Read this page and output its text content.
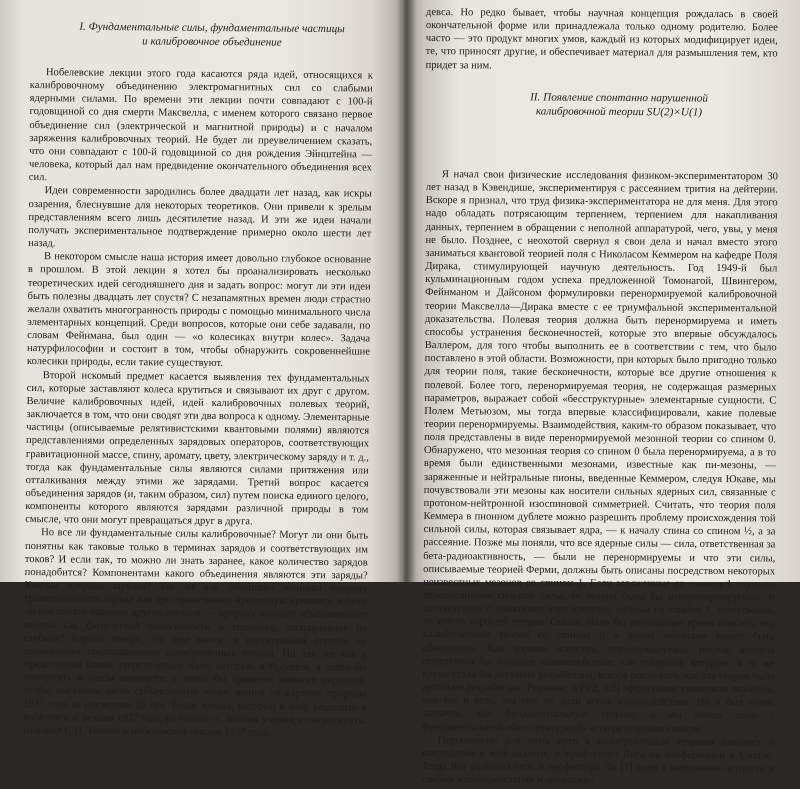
I. Фундаментальные силы, фундаментальные частицы
и калибровочное объединение

Нобелевские лекции этого года касаются ряда идей, относящихся к калибровочному объединению электромагнитных сил со слабыми ядерными силами. По времени эти лекции почти совпадают с 100-й годовщиной со дня смерти Максвелла, с именем которого связано первое объединение сил (электрической и магнитной природы) и с началом заряжения калибровочных теорий. Не будет ли преувеличением сказать, что они совпадают с 100-й годовщиной со дня рождения Эйнштейна — человека, который дал нам предвидение окончательного объединения всех сил.

Идеи современности зародились более двадцати лет назад, как искры озарения, блеснувшие для некоторых теоретиков. Они привели к зрелым представлениям всего лишь десятилетие назад. И эти же идеи начали получать экспериментальное подтверждение примерно около шести лет назад.

В некотором смысле наша история имеет довольно глубокое основание в прошлом. В этой лекции я хотел бы проанализировать несколько теоретических идей сегодняшнего дня и задать вопрос: могут ли эти идеи быть полезны двадцать лет спустя? С незапамятных времен люди страстно желали охватить многогранность природы с помощью минимального числа элементарных концепций. Среди вопросов, которые они себе задавали, по словам Фейнмана, был один — «о колесиках внутри колес». Задача натурфилософии и состоит в том, чтобы обнаружить сокровеннейшие колесики природы, если такие существуют.

Второй искомый предмет касается выявления тех фундаментальных сил, которые заставляют колеса крутиться и связывают их друг с другом. Величие калибровочных идей, идей калибровочных полевых теорий, заключается в том, что они сводят эти два вопроса к одному. Элементарные частицы (описываемые релятивистскими квантовыми полями) являются представлениями определенных зарядовых операторов, соответствующих гравитационной массе, спину, аромату, цвету, электрическому заряду и т. д., тогда как фундаментальные силы являются силами притяжения или отталкивания между этими же зарядами. Третий вопрос касается объединения зарядов (и, таким образом, сил) путем поиска единого целого, компоненты которого являются зарядами различной природы в том смысле, что они могут превращаться друг в друга.

Но все ли фундаментальные силы калибровочные? Могут ли они быть понятны как таковые только в терминах зарядов и соответствующих им токов? И если так, то можно ли знать заранее, какое количество зарядов понадобится? Компонентами какого объединения являются эти заряды? Каковы природа зарядов? Так же как Эйнштейн понимал природу гравитационного заряда как пространственно-временную кривизну, можем ли мы понять природу других зарядов — природу полного объединенного набора как физической совокупности в терминах, расширенных по глубине? Короче говоря, это еще мечта, в значительной степени не проверенная предсказаниями калибровочных теорий. Но так же как я представляю новые теоретические идеи, которые, в будущем, я хотел бы упомянуть в таком контексте, я хотел бы привести немного терпения, чтобы высказать свою субъективную точку зрения на картину природы 1937 года за последние 20 лет. Точку зрения, которую я хочу разделить в нобелевской лекции 1937 года, он сказал: «...Богиня учения, если рискнуть, изложил Г. П. Томсон в нобелевской лекции 1937 года,

девса. Но редко бывает, чтобы научная концепция рождалась в своей окончательной форме или принадлежала только одному родителю. Более часто — это продукт многих умов, каждый из которых модифицирует идеи, те, что приносят другие, и обеспечивает материал для размышления тем, кто придет за ним.

II. Появление спонтанно нарушенной
калибровочной теории SU(2)×U(1)

Я начал свои физические исследования физиком-экспериментатором 30 лет назад в Кэвендише, экспериментируя с рассеянием трития на дейтерии. Вскоре я признал, что труд физика-экспериментатора не для меня. Для этого надо обладать потрясающим терпением, терпением для накапливания данных, терпением в обращении с неполной аппаратурой, чего, увы, у меня не было. Позднее, с неохотой свернул я свои дела и начал вместо этого заниматься квантовой теорией поля с Николасом Кеммером на кафедре Поля Дирака, стимулирующей научную деятельность. Год 1949-й был кульминационным годом успеха предложенной Томонагой, Швингером, Фейнманом и Дайсоном формулировки перенормируемой калибровочной теории Максвелла—Дирака вместе с ее триумфальной экспериментальной доказательства. Полевая теория должна быть перенормируема и иметь способы устранения бесконечностей, которые это впервые обсуждалось Валлером, для того чтобы выполнить ее в соответствии с тем, что было поставлено в этой области. Возможности, при которых было пригодно только для теории поля, такие бесконечности, которые все другие отношения к полевой. Более того, перенормируемая теория, не содержащая размерных параметров, выражает собой «бесструктурные» элементарные сущности. С Полем Метьюзом, мы тогда впервые классифицировали, какие полевые теории перенормируемы. Взаимодействия, каким-то образом показывает, что поля представлены в виде перенормируемой мезонной теории со спином 0. Обнаружено, что мезонная теория со спином 0 была перенормируема, а в то время были единственными мезонами, известные как пи-мезоны, — заряженные и нейтральные пионы, введенные Кеммером, следуя Юкаве, мы почувствовали эти мезоны как носители сильных ядерных сил, связанные с протоном-нейтронной изоспиновой симметрией. Считать, что теория поля Кеммера в пионном дублете можно разрешить проблему происхождения той сильной силы, которая связывает ядра, — к началу спина со спином ½, а за рассеяние. Позже мы поняли, что все ядерные силы — сила, ответственная за бета-радиоактивность, — были не перенормируемы и что эти силы, описываемые теорией Ферми, должны быть описаны посредством некоторых неизвестных мезонов со спином 1. Если заряженные со спином 1 служили переносчиками сильной силы, то теория была бы неперенормируемой. В соответствии с понятиями того времени, мезоны со спином 1, естественно, не имели хорошей теории. Сейчас было бы подходящее время описать, что калибровочная теория со спином 0 и двумя мезонами может быть объединена. Как хорошо известно, перенормируемая теория, которая определяла бы пионное взаимодействие, как говорили, которую, в то же время стала бы детально разработана, вскоре после того, как эта теория была детально разработана. Резонанс Δ (3/2, 3/2) эффективно увеличили значения, она так и есть; мы еще не дали ясное взаимодействие. Но я был очень захвачен, как фундаментальную теорию; а мы имели дело с фундаментальной «бесструктурной» в теоретическом смысле.

Персонально для меня путь к калибровочным теориям началось с кандидатам в мой коллеги, и профессора Янга на конференции в Сиэтле. Тогда Янг развивал свои и профессора Ли [1] идеи о нарушении четности в слабых взаимодействиях и предложил
